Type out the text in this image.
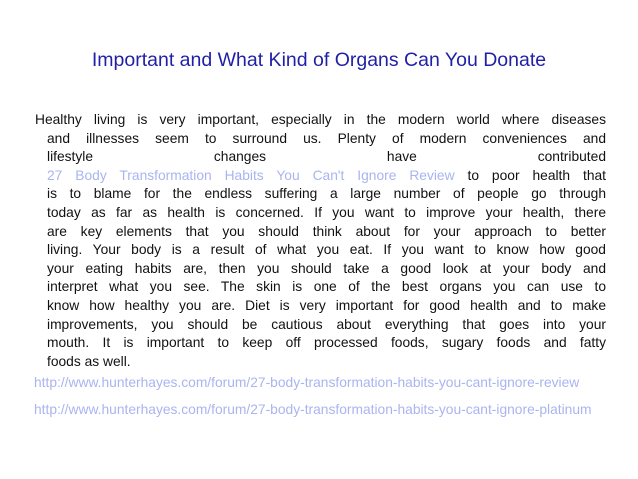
Important and What Kind of Organs Can You Donate
Healthy living is very important, especially in the modern world where diseases
and illnesses seem to surround us. Plenty of modern conveniences and
lifestyle changes have contributed
27 Body Transformation Habits You Can't Ignore Review to poor health that
is to blame for the endless suffering a large number of people go through
today as far as health is concerned. If you want to improve your health, there
are key elements that you should think about for your approach to better
living. Your body is a result of what you eat. If you want to know how good
your eating habits are, then you should take a good look at your body and
interpret what you see. The skin is one of the best organs you can use to
know how healthy you are. Diet is very important for good health and to make
improvements, you should be cautious about everything that goes into your
mouth. It is important to keep off processed foods, sugary foods and fatty
foods as well.
http://www.hunterhayes.com/forum/27-body-transformation-habits-you-cant-ignore-review
http://www.hunterhayes.com/forum/27-body-transformation-habits-you-cant-ignore-platinum
